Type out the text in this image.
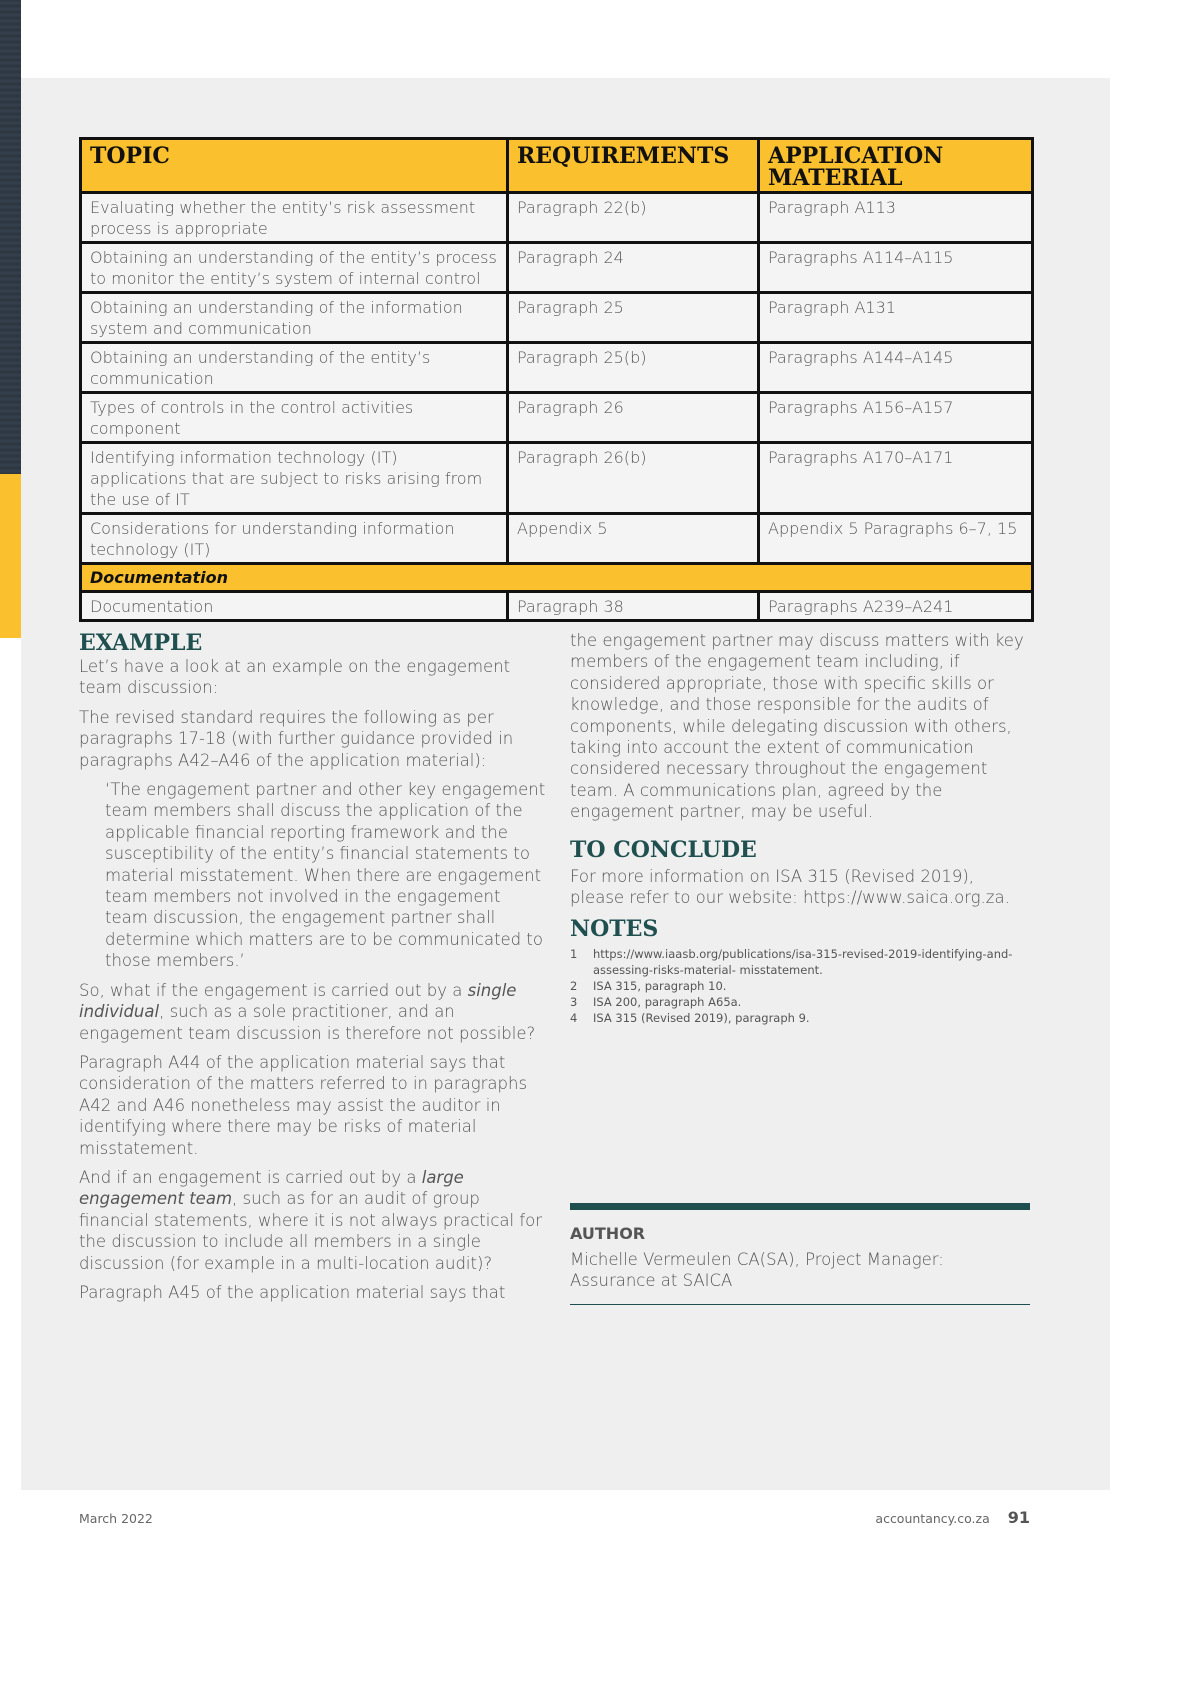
TOPIC	REQUIREMENTS	APPLICATION MATERIAL
Evaluating whether the entity’s risk assessment process is appropriate	Paragraph 22(b)	Paragraph A113
Obtaining an understanding of the entity’s process to monitor the entity’s system of internal control	Paragraph 24	Paragraphs A114–A115
Obtaining an understanding of the information system and communication	Paragraph 25	Paragraph A131
Obtaining an understanding of the entity’s communication	Paragraph 25(b)	Paragraphs A144–A145
Types of controls in the control activities component	Paragraph 26	Paragraphs A156–A157
Identifying information technology (IT) applications that are subject to risks arising from the use of IT	Paragraph 26(b)	Paragraphs A170–A171
Considerations for understanding information technology (IT)	Appendix 5	Appendix 5 Paragraphs 6–7, 15
Documentation		
Documentation	Paragraph 38	Paragraphs A239–A241
EXAMPLE

Let’s have a look at an example on the engagement team discussion:

The revised standard requires the following as per paragraphs 17-18 (with further guidance provided in paragraphs A42–A46 of the application material):

‘The engagement partner and other key engagement team members shall discuss the application of the applicable financial reporting framework and the susceptibility of the entity’s financial statements to material misstatement. When there are engagement team members not involved in the engagement team discussion, the engagement partner shall determine which matters are to be communicated to those members.’

So, what if the engagement is carried out by a single individual, such as a sole practitioner, and an engagement team discussion is therefore not possible?

Paragraph A44 of the application material says that consideration of the matters referred to in paragraphs A42 and A46 nonetheless may assist the auditor in identifying where there may be risks of material misstatement.

And if an engagement is carried out by a large engagement team, such as for an audit of group financial statements, where it is not always practical for the discussion to include all members in a single discussion (for example in a multi-location audit)?

Paragraph A45 of the application material says that

the engagement partner may discuss matters with key members of the engagement team including, if considered appropriate, those with specific skills or knowledge, and those responsible for the audits of components, while delegating discussion with others, taking into account the extent of communication considered necessary throughout the engagement team. A communications plan, agreed by the engagement partner, may be useful.

TO CONCLUDE

For more information on ISA 315 (Revised 2019), please refer to our website: https://www.saica.org.za.

NOTES
1	https://www.iaasb.org/publications/isa-315-revised-2019-identifying-and-assessing-risks-material- misstatement.
2	ISA 315, paragraph 10.
3	ISA 200, paragraph A65a.
4	ISA 315 (Revised 2019), paragraph 9.
AUTHOR

Michelle Vermeulen CA(SA), Project Manager: Assurance at SAICA

March 2022	accountancy.co.za 91
